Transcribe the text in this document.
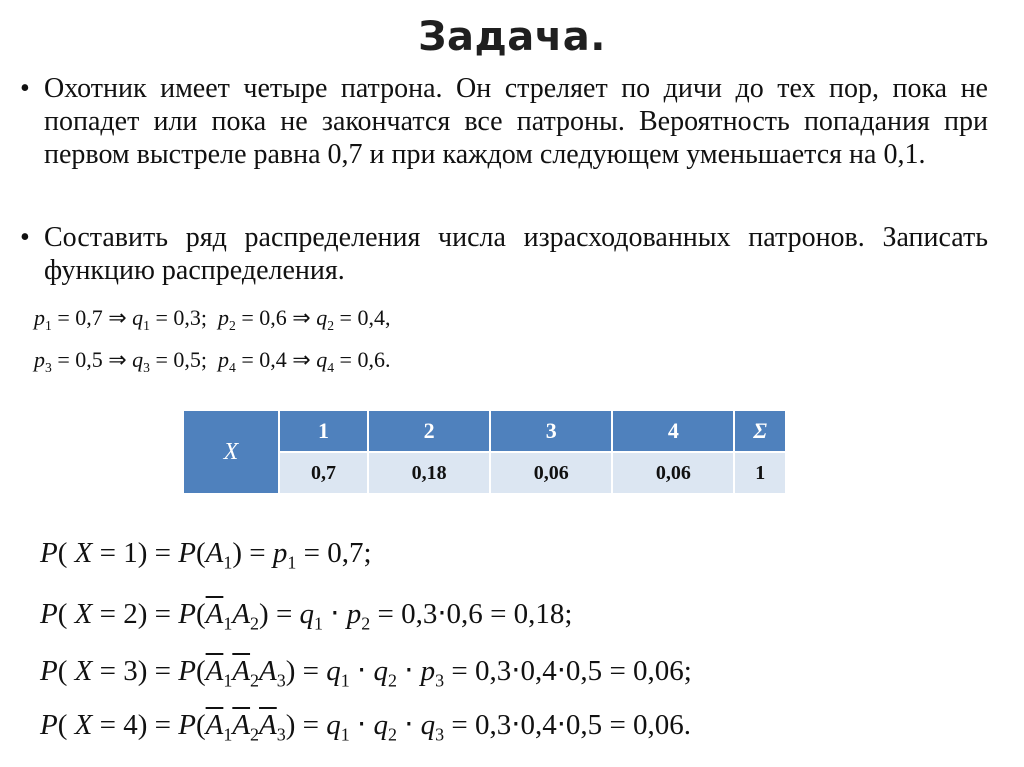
Задача.
• Охотник имеет четыре патрона. Он стреляет по дичи до тех пор, пока не попадет или пока не закончатся все патроны. Вероятность попадания при первом выстреле равна 0,7 и при каждом следующем уменьшается на 0,1.
• Составить ряд распределения числа израсходованных патронов. Записать функцию распределения.
$p_1 = 0,7$ ⇒ $q_1 = 0,3$;  $p_2 = 0,6$ ⇒ $q_2 = 0,4$,
$p_3 = 0,5$ ⇒ $q_3 = 0,5$;  $p_4 = 0,4$ ⇒ $q_4 = 0,6$.
X	1	2	3	4	Σ
	0,7	0,18	0,06	0,06	1
P( $X = 1) = P(A_1) = p_1 = 0,7$;
P( $X = 2) = P(\overline{A}_1A_2) = q_1 \cdot p_2 = 0,3\cdot 0,6 = 0,18$;
P( $X = 3) = P(\overline{A}_1\overline{A}_2A_3) = q_1 \cdot q_2 \cdot p_3 = 0,3\cdot 0,4\cdot 0,5 = 0,06$;
P( $X = 4) = P(\overline{A}_1\overline{A}_2\overline{A}_3) = q_1 \cdot q_2 \cdot q_3 = 0,3\cdot 0,4\cdot 0,5 = 0,06$.
